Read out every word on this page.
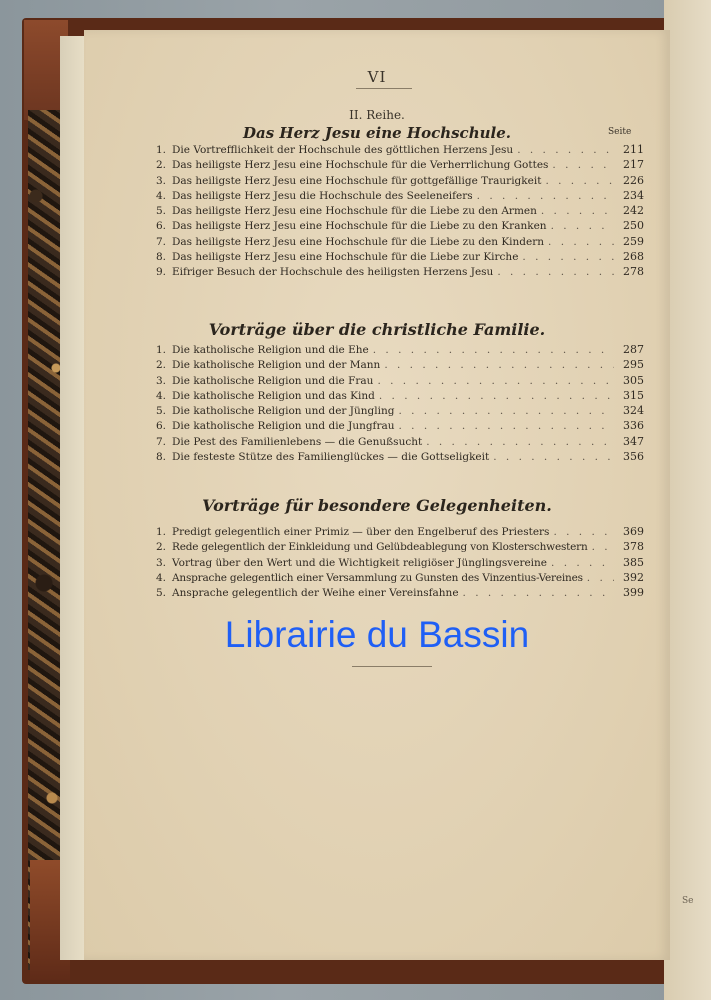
Se
VI
II. Reihe.
Das Herz Jesu eine Hochschule.	Seite
1. Die Vortrefflichkeit der Hochschule des göttlichen Herzens Jesu . . .	211
2. Das heiligste Herz Jesu eine Hochschule für die Verherrlichung Gottes . . .	217
3. Das heiligste Herz Jesu eine Hochschule für gottgefällige Traurigkeit . . .	226
4. Das heiligste Herz Jesu die Hochschule des Seeleneifers . . .	234
5. Das heiligste Herz Jesu eine Hochschule für die Liebe zu den Armen . . .	242
6. Das heiligste Herz Jesu eine Hochschule für die Liebe zu den Kranken . . .	250
7. Das heiligste Herz Jesu eine Hochschule für die Liebe zu den Kindern . . .	259
8. Das heiligste Herz Jesu eine Hochschule für die Liebe zur Kirche . . .	268
9. Eifriger Besuch der Hochschule des heiligsten Herzens Jesu . . .	278
Vorträge über die christliche Familie.
1. Die katholische Religion und die Ehe . . .	287
2. Die katholische Religion und der Mann . . .	295
3. Die katholische Religion und die Frau . . .	305
4. Die katholische Religion und das Kind . . .	315
5. Die katholische Religion und der Jüngling . . .	324
6. Die katholische Religion und die Jungfrau . . .	336
7. Die Pest des Familienlebens — die Genußsucht . . .	347
8. Die festeste Stütze des Familienglückes — die Gottseligkeit . . .	356
Vorträge für besondere Gelegenheiten.
1. Predigt gelegentlich einer Primiz — über den Engelberuf des Priesters . . .	369
2. Rede gelegentlich der Einkleidung und Gelübdeablegung von Klosterschwestern . . .	378
3. Vortrag über den Wert und die Wichtigkeit religiöser Jünglingsvereine . . .	385
4. Ansprache gelegentlich einer Versammlung zu Gunsten des Vinzentius-Vereines . . .	392
5. Ansprache gelegentlich der Weihe einer Vereinsfahne . . .	399
Librairie du Bassin
